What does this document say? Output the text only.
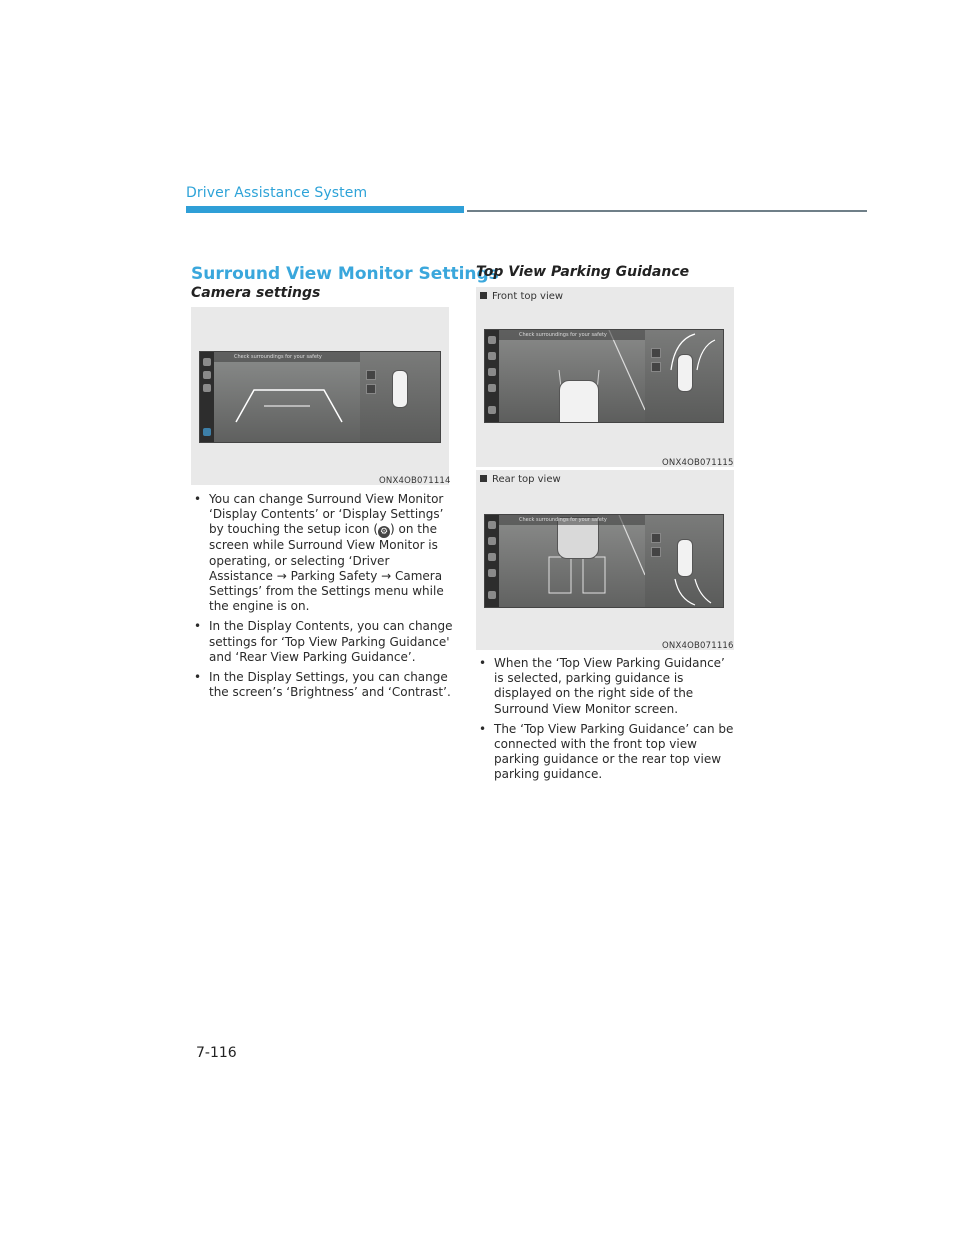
Driver Assistance System
Surround View Monitor Settings
Camera settings
Check surroundings for your safety
ONX4OB071114
• You can change Surround View Monitor ‘Display Contents’ or ‘Display Settings’ by touching the setup icon ( ⚙ ) on the screen while Surround View Monitor is operating, or selecting ‘Driver Assistance → Parking Safety → Camera Settings’ from the Settings menu while the engine is on.
• In the Display Contents, you can change settings for ‘Top View Parking Guidance' and ‘Rear View Parking Guidance’.
• In the Display Settings, you can change the screen’s ‘Brightness’ and ‘Contrast’.
Top View Parking Guidance
Front top view
Check surroundings for your safety
ONX4OB071115
Rear top view
Check surroundings for your safety
ONX4OB071116
• When the ‘Top View Parking Guidance’ is selected, parking guidance is displayed on the right side of the Surround View Monitor screen.
• The ‘Top View Parking Guidance’ can be connected with the front top view parking guidance or the rear top view parking guidance.
7-116
